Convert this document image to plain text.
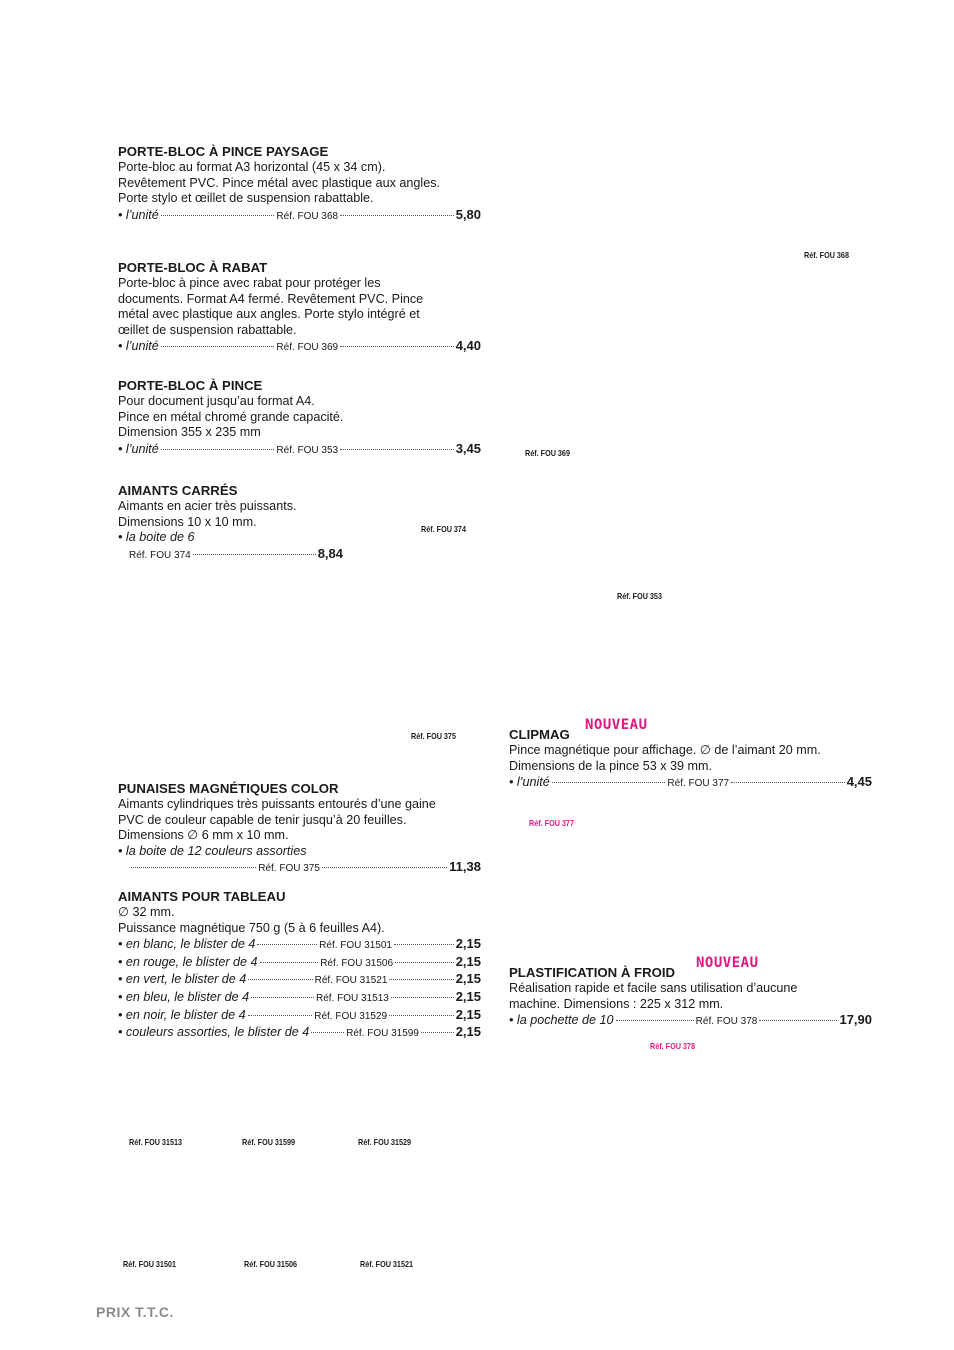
PORTE-BLOC À PINCE PAYSAGE

Porte-bloc au format A3 horizontal (45 x 34 cm).

Revêtement PVC. Pince métal avec plastique aux angles.

Porte stylo et œillet de suspension rabattable.

• l’unité	Réf. FOU 368	5,80
PORTE-BLOC À RABAT

Porte-bloc à pince avec rabat pour protéger les

documents. Format A4 fermé. Revêtement PVC. Pince

métal avec plastique aux angles. Porte stylo intégré et

œillet de suspension rabattable.

• l’unité	Réf. FOU 369	4,40
PORTE-BLOC À PINCE

Pour document jusqu’au format A4.

Pince en métal chromé grande capacité.

Dimension 355 x 235 mm

• l’unité	Réf. FOU 353	3,45
AIMANTS CARRÉS

Aimants en acier très puissants.

Dimensions 10 x 10 mm.

• la boite de 6

Réf. FOU 374	8,84
PUNAISES MAGNÉTIQUES COLOR

Aimants cylindriques très puissants entourés d’une gaine

PVC de couleur capable de tenir jusqu’à 20 feuilles.

Dimensions ∅ 6 mm x 10 mm.

• la boite de 12 couleurs assorties

Réf. FOU 375	11,38
AIMANTS POUR TABLEAU

∅ 32 mm.

Puissance magnétique 750 g (5 à 6 feuilles A4).

• en blanc, le blister de 4	Réf. FOU 31501	2,15
• en rouge, le blister de 4	Réf. FOU 31506	2,15
• en vert, le blister de 4	Réf. FOU 31521	2,15
• en bleu, le blister de 4	Réf. FOU 31513	2,15
• en noir, le blister de 4	Réf. FOU 31529	2,15
• couleurs assorties, le blister de 4	Réf. FOU 31599	2,15
NOUVEAU
CLIPMAG

Pince magnétique pour affichage. ∅ de l’aimant 20 mm.

Dimensions de la pince 53 x 39 mm.

• l’unité	Réf. FOU 377	4,45
NOUVEAU
PLASTIFICATION À FROID

Réalisation rapide et facile sans utilisation d’aucune

machine. Dimensions : 225 x 312 mm.

• la pochette de 10	Réf. FOU 378	17,90
Réf. FOU 368
Réf. FOU 369
Réf. FOU 374
Réf. FOU 353
Réf. FOU 375
Réf. FOU 377
Réf. FOU 378
Réf. FOU 31513	Réf. FOU 31599	Réf. FOU 31529
Réf. FOU 31501	Réf. FOU 31506	Réf. FOU 31521
PRIX T.T.C.
